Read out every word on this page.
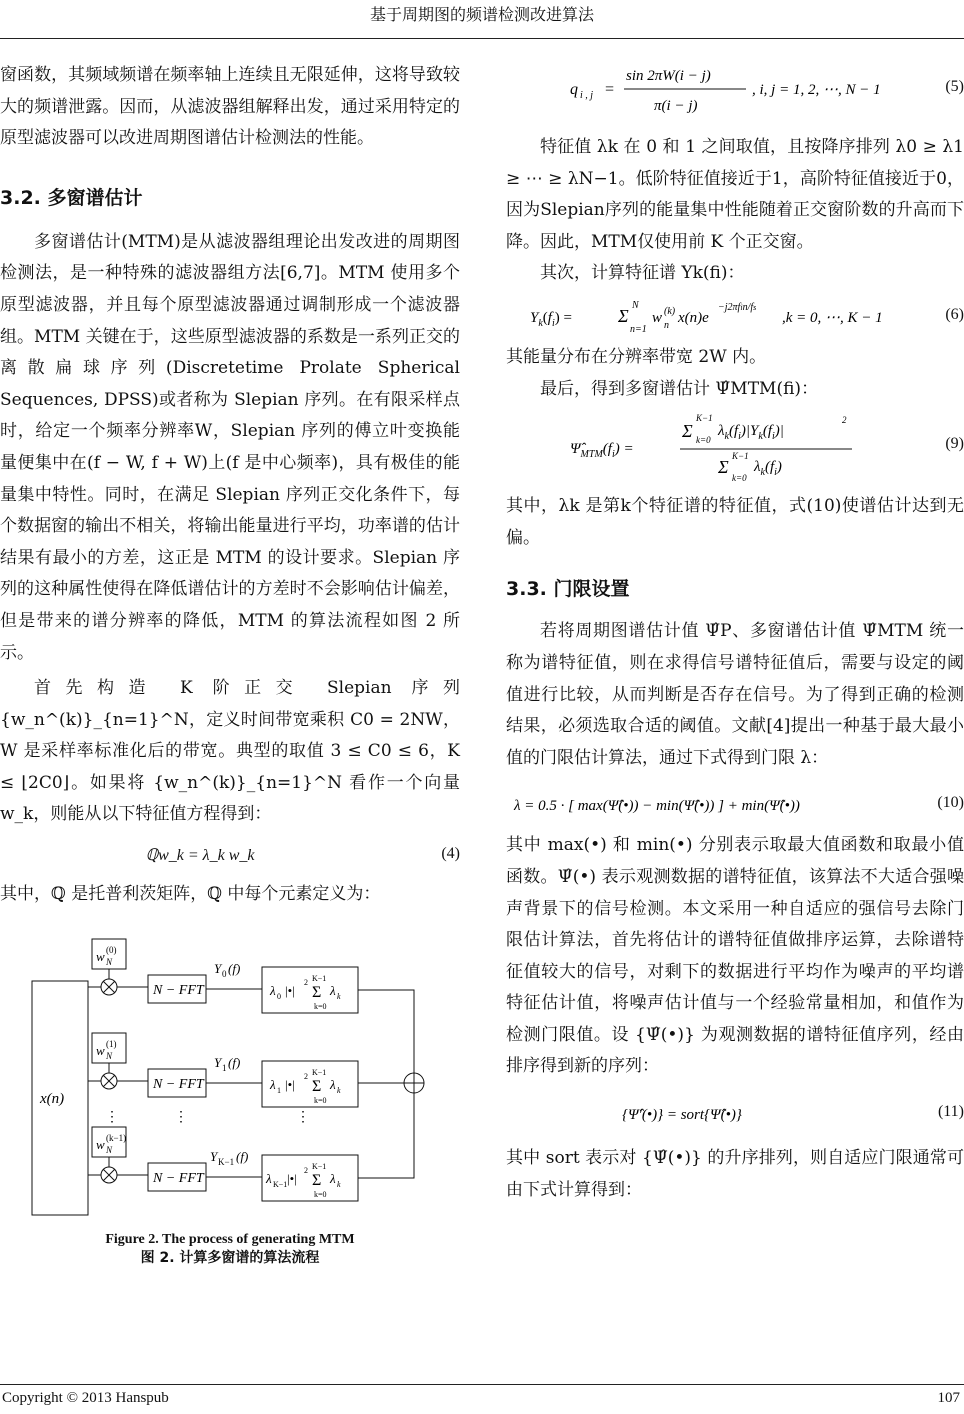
基于周期图的频谱检测改进算法

窗函数，其频域频谱在频率轴上连续且无限延伸，这将导致较大的频谱泄露。因而，从滤波器组解释出发，通过采用特定的原型滤波器可以改进周期图谱估计检测法的性能。

3.2. 多窗谱估计

多窗谱估计(MTM)是从滤波器组理论出发改进的周期图检测法，是一种特殊的滤波器组方法[6,7]。MTM 使用多个原型滤波器，并且每个原型滤波器通过调制形成一个滤波器组。MTM 关键在于，这些原型滤波器的系数是一系列正交的离散扁球序列(Discretetime Prolate Spherical Sequences, DPSS)或者称为 Slepian 序列。在有限采样点时，给定一个频率分辨率W，Slepian 序列的傅立叶变换能量便集中在(f − W, f + W)上(f 是中心频率)，具有极佳的能量集中特性。同时，在满足 Slepian 序列正交化条件下，每个数据窗的输出不相关，将输出能量进行平均，功率谱的估计结果有最小的方差，这正是 MTM 的设计要求。Slepian 序列的这种属性使得在降低谱估计的方差时不会影响估计偏差，但是带来的谱分辨率的降低，MTM 的算法流程如图 2 所示。

首先构造 K 阶正交 Slepian 序列 {w_n^(k)}_{n=1}^N，定义时间带宽乘积 C0 = 2NW，W 是采样率标准化后的带宽。典型的取值 3 ≤ C0 ≤ 6，K ≤ ⌊2C0⌋。如果将 {w_n^(k)}_{n=1}^N 看作一个向量 w_k，则能从以下特征值方程得到：

ℚw_k = λ_k w_k	(4)

其中，ℚ 是托普利茨矩阵，ℚ 中每个元素定义为：

x(n)
w (0)
N
w (1)
N
w (k−1)
N
N − FFT
N − FFT
N − FFT
Y 0 (f)
Y 1 (f)
Y K−1 (f)
λ 0 |•|
2 K−1
Σ
k=0
λ k
λ 1 |•|
2 K−1
Σ
k=0
λ k
λ K−1 |•|
2 K−1
Σ
k=0
λ k
⋮	⋮	⋮
Figure 2. The process of generating MTM
图 2. 计算多窗谱的算法流程
q i , j =
sin 2πW(i − j)
π(i − j)
, i, j = 1, 2, ⋯, N − 1	(5)

特征值 λk 在 0 和 1 之间取值，且按降序排列 λ0 ≥ λ1 ≥ ⋯ ≥ λN−1。低阶特征值接近于1，高阶特征值接近于0，因为Slepian序列的能量集中性能随着正交窗阶数的升高而下降。因此，MTM仅使用前 K 个正交窗。

其次，计算特征谱 Yk(fi)：

$Y_k(f_i)$ =	Σ
N
n=1
w (k)
n x(n)e
−j2πfin/fs
,k = 0, ⋯, K − 1	(6)

其能量分布在分辨率带宽 2W 内。

最后，得到多窗谱估计 Ψ̂MTM(fi)：

$\Psî_{MTM}(f_i)$ =
Σ
K−1
k=0
$\lambda_k(f_i)|Y_k(f_i)|$
2
Σ
K−1
k=0
$\lambda_k(f_i)$
(9)

其中，λk 是第k个特征谱的特征值，式(10)使谱估计达到无偏。

3.3. 门限设置

若将周期图谱估计值 Ψ̂P、多窗谱估计值 Ψ̂MTM 统一称为谱特征值，则在求得信号谱特征值后，需要与设定的阈值进行比较，从而判断是否存在信号。为了得到正确的检测结果，必须选取合适的阈值。文献[4]提出一种基于最大最小值的门限估计算法，通过下式得到门限 λ：

λ = 0.5 · [ max(Ψ̂(•)) − min(Ψ̂(•)) ] + min(Ψ̂(•))	(10)

其中 max(•) 和 min(•) 分别表示取最大值函数和取最小值函数。Ψ̂(•) 表示观测数据的谱特征值，该算法不大适合强噪声背景下的信号检测。本文采用一种自适应的强信号去除门限估计算法，首先将估计的谱特征值做排序运算，去除谱特征值较大的信号，对剩下的数据进行平均作为噪声的平均谱特征估计值，将噪声估计值与一个经验常量相加，和值作为检测门限值。设 {Ψ̂(•)} 为观测数据的谱特征值序列，经由排序得到新的序列：

{Ψ̂′(•)} = sort{Ψ̂(•)}	(11)

其中 sort 表示对 {Ψ̂(•)} 的升序排列，则自适应门限通常可由下式计算得到：

Copyright © 2013 Hanspub	107
